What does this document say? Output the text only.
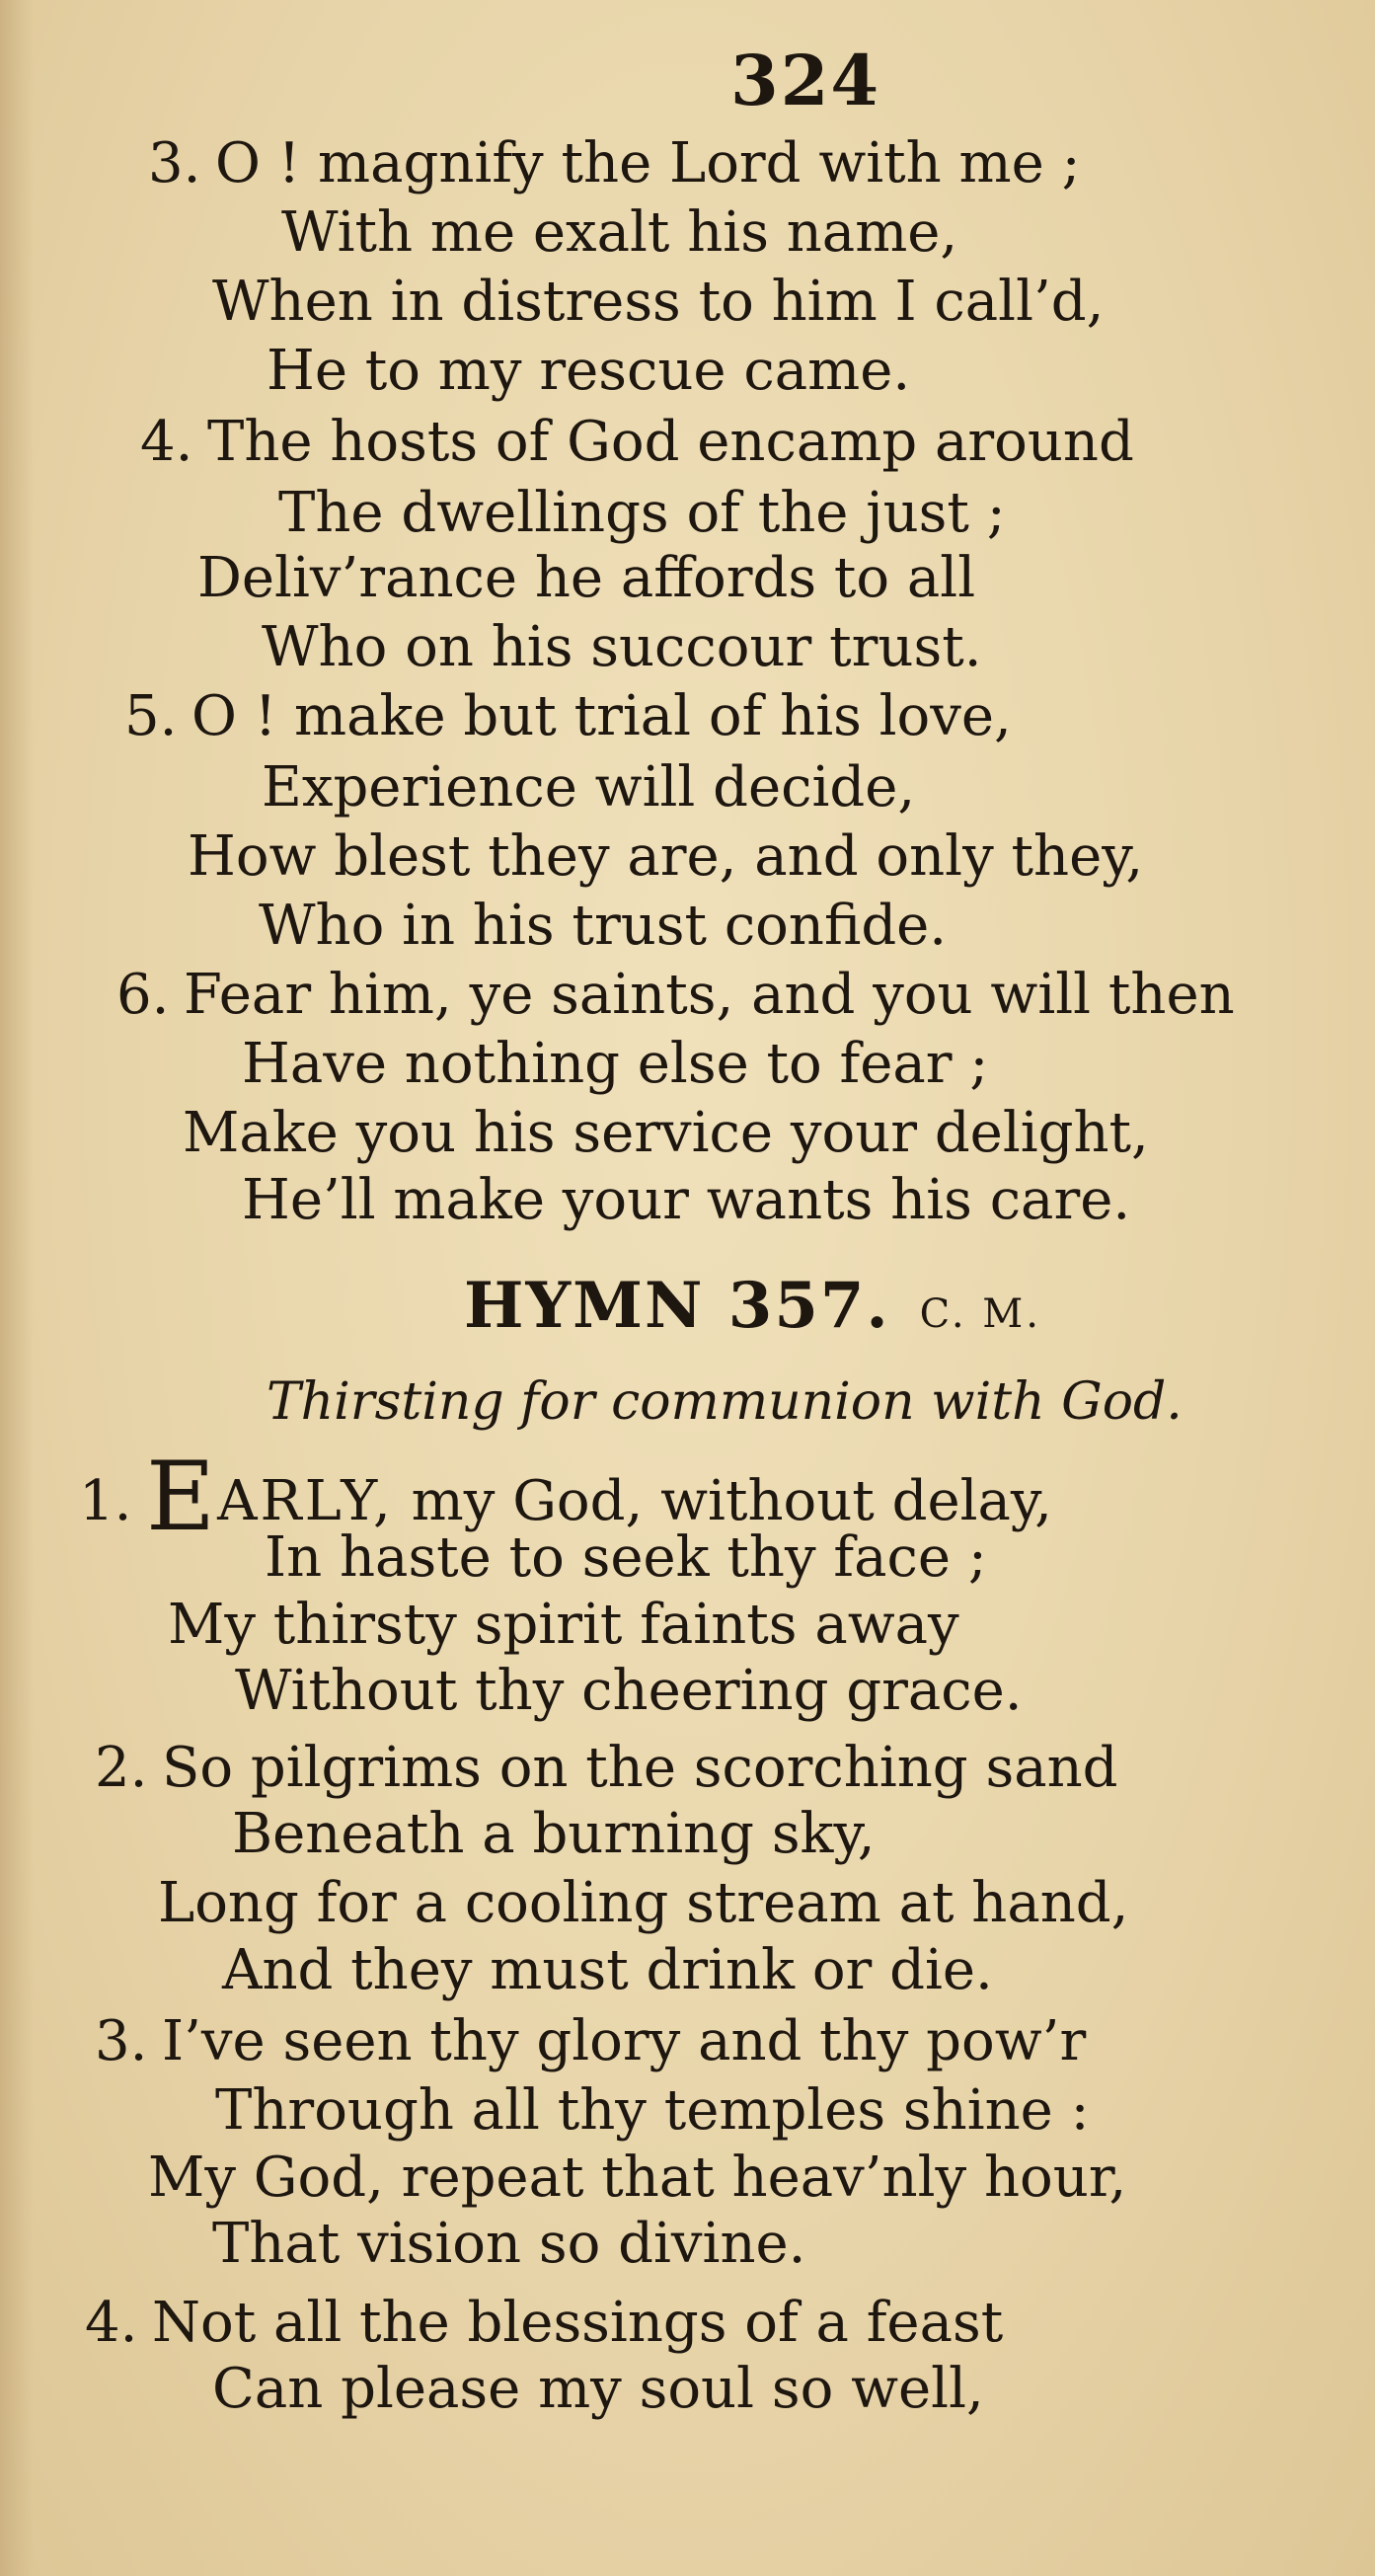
324
3. O ! magnify the Lord with me ;
With me exalt his name,
When in distress to him I call’d,
He to my rescue came.
4. The hosts of God encamp around
The dwellings of the just ;
Deliv’rance he affords to all
Who on his succour trust.
5. O ! make but trial of his love,
Experience will decide,
How blest they are, and only they,
Who in his trust confide.
6. Fear him, ye saints, and you will then
Have nothing else to fear ;
Make you his service your delight,
He’ll make your wants his care.
HYMN 357. C. M.
Thirsting for communion with God.
1. EARLY, my God, without delay,
In haste to seek thy face ;
My thirsty spirit faints away
Without thy cheering grace.
2. So pilgrims on the scorching sand
Beneath a burning sky,
Long for a cooling stream at hand,
And they must drink or die.
3. I’ve seen thy glory and thy pow’r
Through all thy temples shine :
My God, repeat that heav’nly hour,
That vision so divine.
4. Not all the blessings of a feast
Can please my soul so well,
